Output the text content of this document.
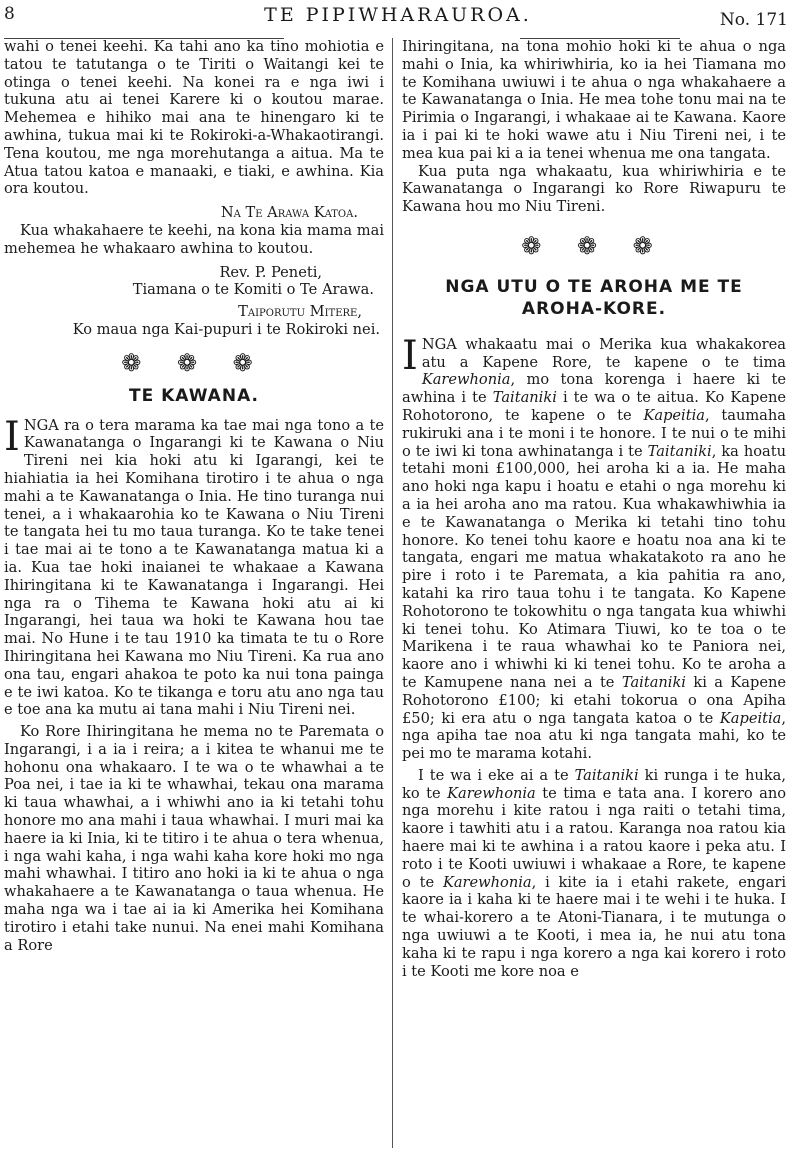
8	TE PIPIWHARAUROA.	No. 171

wahi o tenei keehi. Ka tahi ano ka tino mohiotia e tatou te tatutanga o te Tiriti o Waitangi kei te otinga o tenei keehi. Na konei ra e nga iwi i tukuna atu ai tenei Karere ki o koutou marae. Mehemea e hihiko mai ana te hinengaro ki te awhina, tukua mai ki te Rokiroki-a-Whakaotirangi. Tena koutou, me nga morehutanga a aitua. Ma te Atua tatou katoa e manaaki, e tiaki, e awhina. Kia ora koutou.

Na Te Arawa Katoa.

Kua whakahaere te keehi, na kona kia mama mai mehemea he whakaaro awhina to koutou.

Rev. P. Peneti,

Tiamana o te Komiti o Te Arawa.

Taiporutu Mitere,

Ko maua nga Kai-pupuri i te Rokiroki nei.

❁ ❁ ❁
TE KAWANA.

INGA ra o tera marama ka tae mai nga tono a te Kawanatanga o Ingarangi ki te Kawana o Niu Tireni nei kia hoki atu ki Igarangi, kei te hiahiatia ia hei Komihana tirotiro i te ahua o nga mahi a te Kawanatanga o Inia. He tino turanga nui tenei, a i whakaarohia ko te Kawana o Niu Tireni te tangata hei tu mo taua turanga. Ko te take tenei i tae mai ai te tono a te Kawanatanga matua ki a ia. Kua tae hoki inaianei te whakaae a Kawana Ihiringitana ki te Kawanatanga i Ingarangi. Hei nga ra o Tihema te Kawana hoki atu ai ki Ingarangi, hei taua wa hoki te Kawana hou tae mai. No Hune i te tau 1910 ka timata te tu o Rore Ihiringitana hei Kawana mo Niu Tireni. Ka rua ano ona tau, engari ahakoa te poto ka nui tona painga e te iwi katoa. Ko te tikanga e toru atu ano nga tau e toe ana ka mutu ai tana mahi i Niu Tireni nei.

Ko Rore Ihiringitana he mema no te Paremata o Ingarangi, i a ia i reira; a i kitea te whanui me te hohonu ona whakaaro. I te wa o te whawhai a te Poa nei, i tae ia ki te whawhai, tekau ona marama ki taua whawhai, a i whiwhi ano ia ki tetahi tohu honore mo ana mahi i taua whawhai. I muri mai ka haere ia ki Inia, ki te titiro i te ahua o tera whenua, i nga wahi kaha, i nga wahi kaha kore hoki mo nga mahi whawhai. I titiro ano hoki ia ki te ahua o nga whakahaere a te Kawanatanga o taua whenua. He maha nga wa i tae ai ia ki Amerika hei Komihana tirotiro i etahi take nunui. Na enei mahi Komihana a Rore

Ihiringitana, na tona mohio hoki ki te ahua o nga mahi o Inia, ka whiriwhiria, ko ia hei Tiamana mo te Komihana uwiuwi i te ahua o nga whakahaere a te Kawanatanga o Inia. He mea tohe tonu mai na te Pirimia o Ingarangi, i whakaae ai te Kawana. Kaore ia i pai ki te hoki wawe atu i Niu Tireni nei, i te mea kua pai ki a ia tenei whenua me ona tangata.

Kua puta nga whakaatu, kua whiriwhiria e te Kawanatanga o Ingarangi ko Rore Riwapuru te Kawana hou mo Niu Tireni.

❁ ❁ ❁
NGA UTU O TE AROHA ME TE
AROHA-KORE.

INGA whakaatu mai o Merika kua whakakorea atu a Kapene Rore, te kapene o te tima Karewhonia, mo tona korenga i haere ki te awhina i te Taitaniki i te wa o te aitua. Ko Kapene Rohotorono, te kapene o te Kapeitia, taumaha rukiruki ana i te moni i te honore. I te nui o te mihi o te iwi ki tona awhinatanga i te Taitaniki, ka hoatu tetahi moni £100,000, hei aroha ki a ia. He maha ano hoki nga kapu i hoatu e etahi o nga morehu ki a ia hei aroha ano ma ratou. Kua whakawhiwhia ia e te Kawanatanga o Merika ki tetahi tino tohu honore. Ko tenei tohu kaore e hoatu noa ana ki te tangata, engari me matua whakatakoto ra ano he pire i roto i te Paremata, a kia pahitia ra ano, katahi ka riro taua tohu i te tangata. Ko Kapene Rohotorono te tokowhitu o nga tangata kua whiwhi ki tenei tohu. Ko Atimara Tiuwi, ko te toa o te Marikena i te raua whawhai ko te Paniora nei, kaore ano i whiwhi ki ki tenei tohu. Ko te aroha a te Kamupene nana nei a te Taitaniki ki a Kapene Rohotorono £100; ki etahi tokorua o ona Apiha £50; ki era atu o nga tangata katoa o te Kapeitia, nga apiha tae noa atu ki nga tangata mahi, ko te pei mo te marama kotahi.

I te wa i eke ai a te Taitaniki ki runga i te huka, ko te Karewhonia te tima e tata ana. I korero ano nga morehu i kite ratou i nga raiti o tetahi tima, kaore i tawhiti atu i a ratou. Karanga noa ratou kia haere mai ki te awhina i a ratou kaore i peka atu. I roto i te Kooti uwiuwi i whakaae a Rore, te kapene o te Karewhonia, i kite ia i etahi rakete, engari kaore ia i kaha ki te haere mai i te wehi i te huka. I te whai-korero a te Atoni-Tianara, i te mutunga o nga uwiuwi a te Kooti, i mea ia, he nui atu tona kaha ki te rapu i nga korero a nga kai korero i roto i te Kooti me kore noa e
